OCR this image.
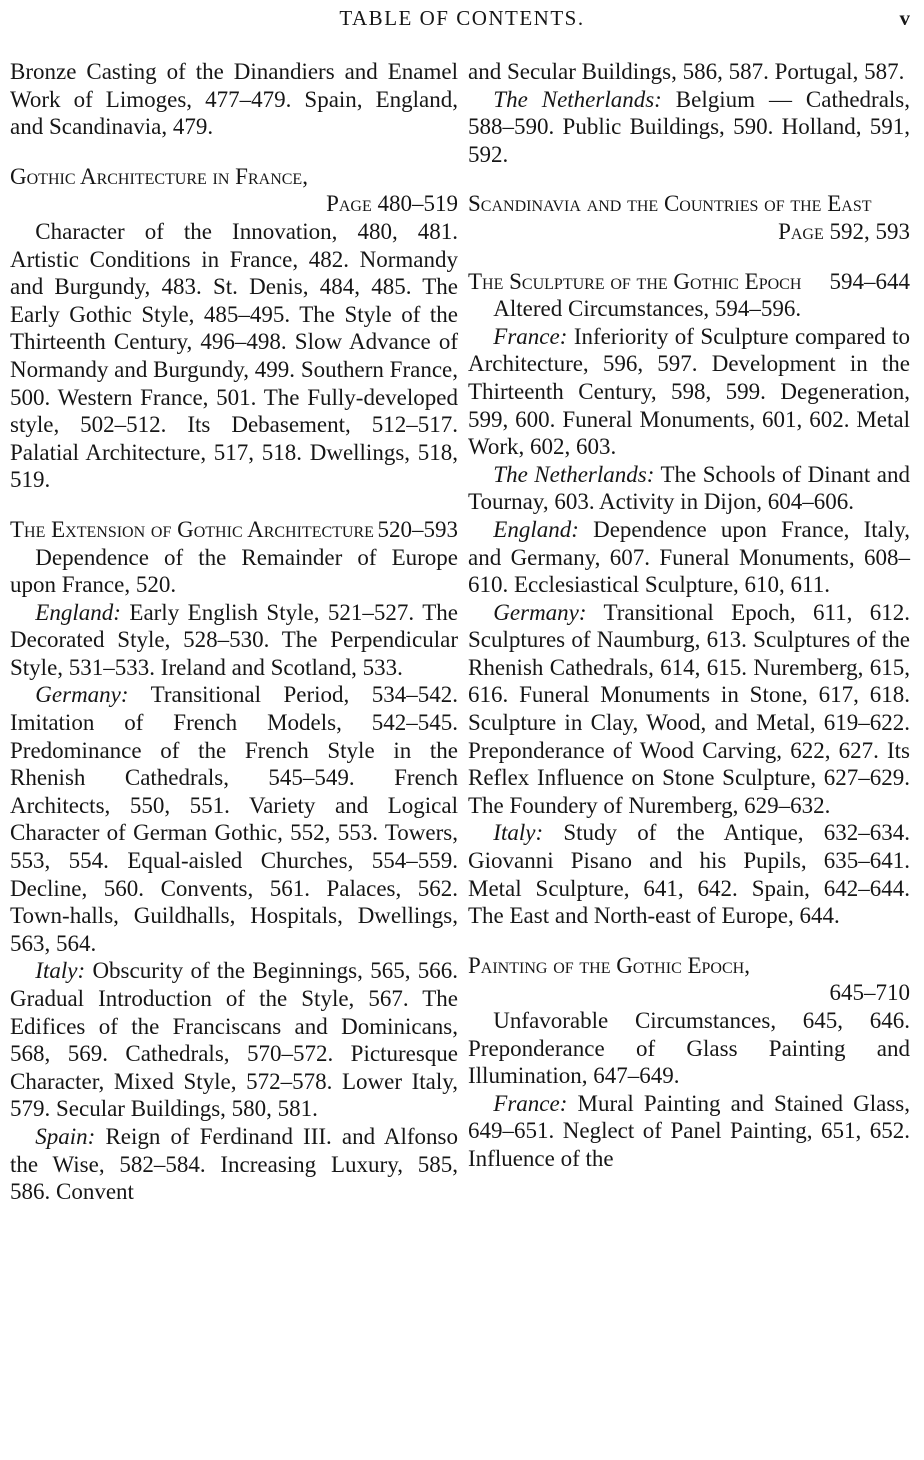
TABLE OF CONTENTS.	v
Bronze Casting of the Dinandiers and Enamel Work of Limoges, 477–479. Spain, England, and Scandinavia, 479.
Gothic Architecture in France,
Page 480–519
Character of the Innovation, 480, 481. Artistic Conditions in France, 482. Normandy and Burgundy, 483. St. Denis, 484, 485. The Early Gothic Style, 485–495. The Style of the Thirteenth Century, 496–498. Slow Advance of Normandy and Burgundy, 499. Southern France, 500. Western France, 501. The Fully-developed style, 502–512. Its Debasement, 512–517. Palatial Architecture, 517, 518. Dwellings, 518, 519.
The Extension of Gothic Architecture 520–593
Dependence of the Remainder of Europe upon France, 520.
England: Early English Style, 521–527. The Decorated Style, 528–530. The Perpendicular Style, 531–533. Ireland and Scotland, 533.
Germany: Transitional Period, 534–542. Imitation of French Models, 542–545. Predominance of the French Style in the Rhenish Cathedrals, 545–549. French Architects, 550, 551. Variety and Logical Character of German Gothic, 552, 553. Towers, 553, 554. Equal-aisled Churches, 554–559. Decline, 560. Convents, 561. Palaces, 562. Town-halls, Guildhalls, Hospitals, Dwellings, 563, 564.
Italy: Obscurity of the Beginnings, 565, 566. Gradual Introduction of the Style, 567. The Edifices of the Franciscans and Dominicans, 568, 569. Cathedrals, 570–572. Picturesque Character, Mixed Style, 572–578. Lower Italy, 579. Secular Buildings, 580, 581.
Spain: Reign of Ferdinand III. and Alfonso the Wise, 582–584. Increasing Luxury, 585, 586. Convent
and Secular Buildings, 586, 587. Portugal, 587.
The Netherlands: Belgium — Cathedrals, 588–590. Public Buildings, 590. Holland, 591, 592.
Scandinavia and the Countries of the East
Page 592, 593
The Sculpture of the Gothic Epoch 594–644
Altered Circumstances, 594–596.
France: Inferiority of Sculpture compared to Architecture, 596, 597. Development in the Thirteenth Century, 598, 599. Degeneration, 599, 600. Funeral Monuments, 601, 602. Metal Work, 602, 603.
The Netherlands: The Schools of Dinant and Tournay, 603. Activity in Dijon, 604–606.
England: Dependence upon France, Italy, and Germany, 607. Funeral Monuments, 608–610. Ecclesiastical Sculpture, 610, 611.
Germany: Transitional Epoch, 611, 612. Sculptures of Naumburg, 613. Sculptures of the Rhenish Cathedrals, 614, 615. Nuremberg, 615, 616. Funeral Monuments in Stone, 617, 618. Sculpture in Clay, Wood, and Metal, 619–622. Preponderance of Wood Carving, 622, 627. Its Reflex Influence on Stone Sculpture, 627–629. The Foundery of Nuremberg, 629–632.
Italy: Study of the Antique, 632–634. Giovanni Pisano and his Pupils, 635–641. Metal Sculpture, 641, 642. Spain, 642–644. The East and North-east of Europe, 644.
Painting of the Gothic Epoch,
645–710
Unfavorable Circumstances, 645, 646. Preponderance of Glass Painting and Illumination, 647–649.
France: Mural Painting and Stained Glass, 649–651. Neglect of Panel Painting, 651, 652. Influence of the
